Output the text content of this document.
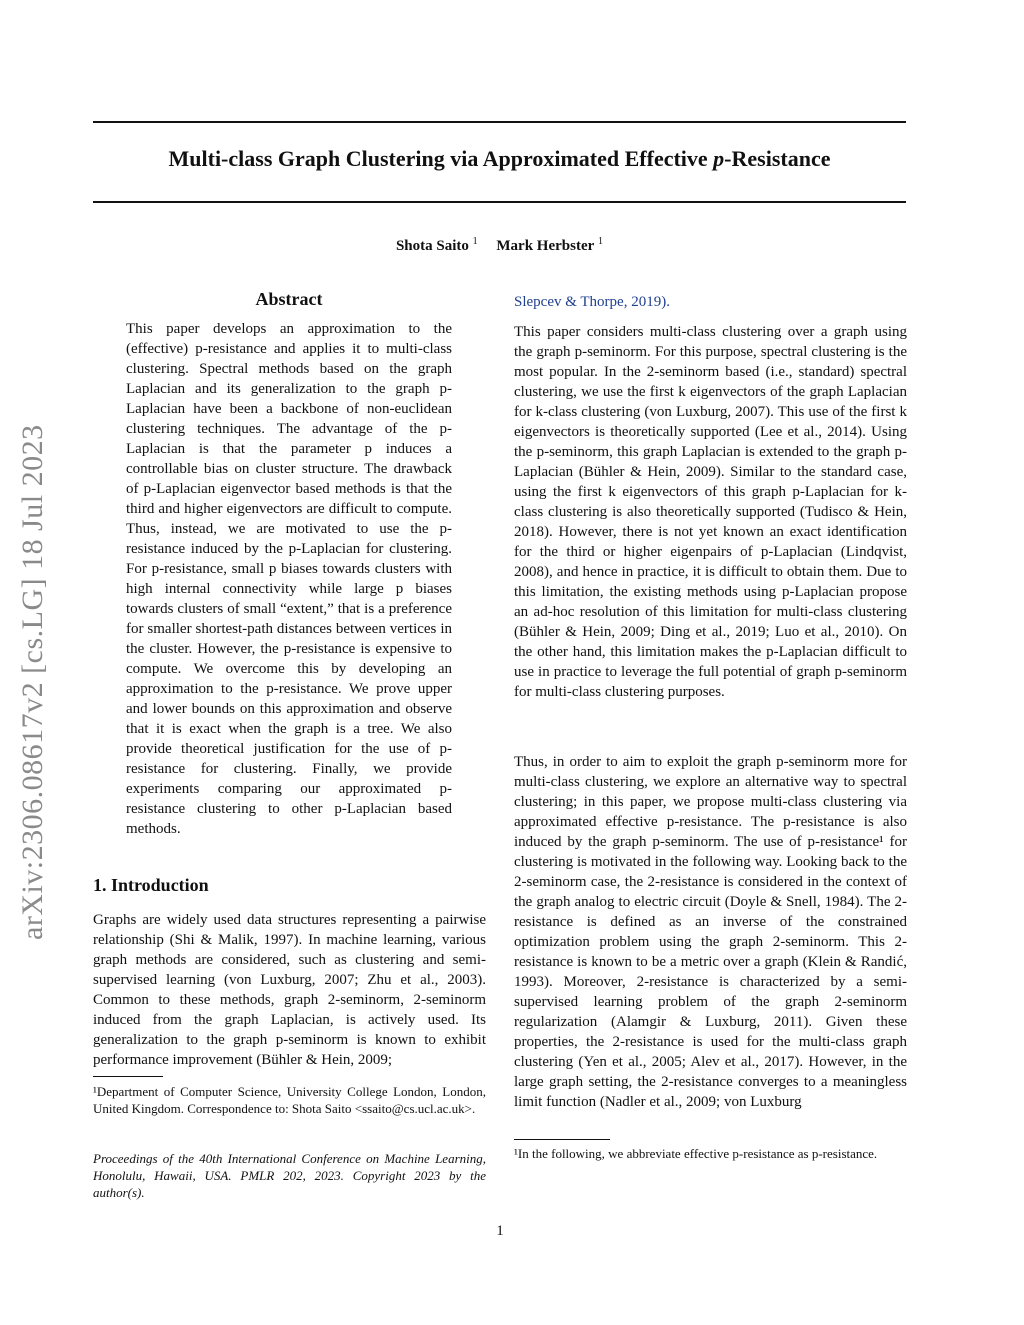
Multi-class Graph Clustering via Approximated Effective p-Resistance
Shota Saito $^1$ Mark Herbster $^1$
arXiv:2306.08617v2 [cs.LG] 18 Jul 2023
Abstract

This paper develops an approximation to the (effective) p-resistance and applies it to multi-class clustering. Spectral methods based on the graph Laplacian and its generalization to the graph p-Laplacian have been a backbone of non-euclidean clustering techniques. The advantage of the p-Laplacian is that the parameter p induces a controllable bias on cluster structure. The drawback of p-Laplacian eigenvector based methods is that the third and higher eigenvectors are difficult to compute. Thus, instead, we are motivated to use the p-resistance induced by the p-Laplacian for clustering. For p-resistance, small p biases towards clusters with high internal connectivity while large p biases towards clusters of small “extent,” that is a preference for smaller shortest-path distances between vertices in the cluster. However, the p-resistance is expensive to compute. We overcome this by developing an approximation to the p-resistance. We prove upper and lower bounds on this approximation and observe that it is exact when the graph is a tree. We also provide theoretical justification for the use of p-resistance for clustering. Finally, we provide experiments comparing our approximated p-resistance clustering to other p-Laplacian based methods.

1. Introduction

Graphs are widely used data structures representing a pairwise relationship (Shi & Malik, 1997). In machine learning, various graph methods are considered, such as clustering and semi-supervised learning (von Luxburg, 2007; Zhu et al., 2003). Common to these methods, graph 2-seminorm, 2-seminorm induced from the graph Laplacian, is actively used. Its generalization to the graph p-seminorm is known to exhibit performance improvement (Bühler & Hein, 2009;

¹Department of Computer Science, University College London, London, United Kingdom. Correspondence to: Shota Saito <ssaito@cs.ucl.ac.uk>.

Proceedings of the 40th International Conference on Machine Learning, Honolulu, Hawaii, USA. PMLR 202, 2023. Copyright 2023 by the author(s).

Slepcev & Thorpe, 2019).

This paper considers multi-class clustering over a graph using the graph p-seminorm. For this purpose, spectral clustering is the most popular. In the 2-seminorm based (i.e., standard) spectral clustering, we use the first k eigenvectors of the graph Laplacian for k-class clustering (von Luxburg, 2007). This use of the first k eigenvectors is theoretically supported (Lee et al., 2014). Using the p-seminorm, this graph Laplacian is extended to the graph p-Laplacian (Bühler & Hein, 2009). Similar to the standard case, using the first k eigenvectors of this graph p-Laplacian for k-class clustering is also theoretically supported (Tudisco & Hein, 2018). However, there is not yet known an exact identification for the third or higher eigenpairs of p-Laplacian (Lindqvist, 2008), and hence in practice, it is difficult to obtain them. Due to this limitation, the existing methods using p-Laplacian propose an ad-hoc resolution of this limitation for multi-class clustering (Bühler & Hein, 2009; Ding et al., 2019; Luo et al., 2010). On the other hand, this limitation makes the p-Laplacian difficult to use in practice to leverage the full potential of graph p-seminorm for multi-class clustering purposes.

Thus, in order to aim to exploit the graph p-seminorm more for multi-class clustering, we explore an alternative way to spectral clustering; in this paper, we propose multi-class clustering via approximated effective p-resistance. The p-resistance is also induced by the graph p-seminorm. The use of p-resistance¹ for clustering is motivated in the following way. Looking back to the 2-seminorm case, the 2-resistance is considered in the context of the graph analog to electric circuit (Doyle & Snell, 1984). The 2-resistance is defined as an inverse of the constrained optimization problem using the graph 2-seminorm. This 2-resistance is known to be a metric over a graph (Klein & Randić, 1993). Moreover, 2-resistance is characterized by a semi-supervised learning problem of the graph 2-seminorm regularization (Alamgir & Luxburg, 2011). Given these properties, the 2-resistance is used for the multi-class graph clustering (Yen et al., 2005; Alev et al., 2017). However, in the large graph setting, the 2-resistance converges to a meaningless limit function (Nadler et al., 2009; von Luxburg

¹In the following, we abbreviate effective p-resistance as p-resistance.

1
